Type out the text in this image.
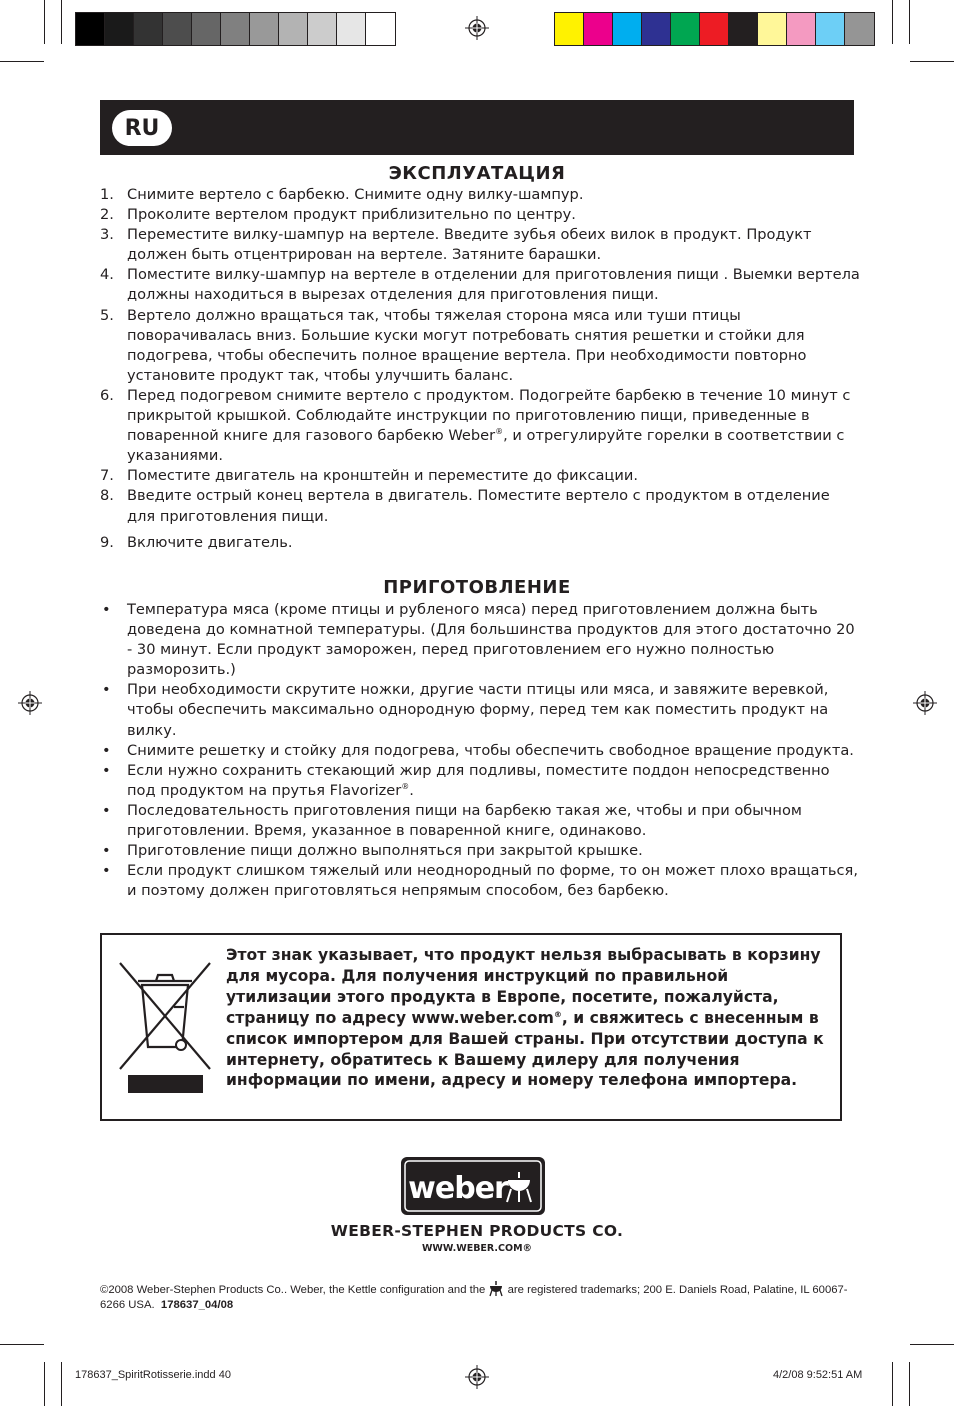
RU
ЭКСПЛУАТАЦИЯ
1. Снимите вертело с барбекю. Снимите одну вилку-шампур.
2. Проколите вертелом продукт приблизительно по центру.
3. Переместите вилку-шампур на вертеле. Введите зубья обеих вилок в продукт. Продукт должен быть отцентрирован на вертеле. Затяните барашки.
4. Поместите вилку-шампур на вертеле в отделении для приготовления пищи . Выемки вертела должны находиться в вырезах отделения для приготовления пищи.
5. Вертело должно вращаться так, чтобы тяжелая сторона мяса или туши птицы поворачивалась вниз. Большие куски могут потребовать снятия решетки и стойки для подогрева, чтобы обеспечить полное вращение вертела. При необходимости повторно установите продукт так, чтобы улучшить баланс.
6. Перед подогревом снимите вертело с продуктом. Подогрейте барбекю в течение 10 минут с прикрытой крышкой. Соблюдайте инструкции по приготовлению пищи, приведенные в поваренной книге для газового барбекю Weber®, и отрегулируйте горелки в соответствии с указаниями.
7. Поместите двигатель на кронштейн и переместите до фиксации.
8. Введите острый конец вертела в двигатель. Поместите вертело с продуктом в отделение для приготовления пищи.
9. Включите двигатель.
ПРИГОТОВЛЕНИЕ
• Температура мяса (кроме птицы и рубленого мяса) перед приготовлением должна быть доведена до комнатной температуры. (Для большинства продуктов для этого достаточно 20 - 30 минут. Если продукт заморожен, перед приготовлением его нужно полностью разморозить.)
• При необходимости скрутите ножки, другие части птицы или мяса, и завяжите веревкой, чтобы обеспечить максимально однородную форму, перед тем как поместить продукт на вилку.
• Снимите решетку и стойку для подогрева, чтобы обеспечить свободное вращение продукта.
• Если нужно сохранить стекающий жир для подливы, поместите поддон непосредственно под продуктом на прутья Flavorizer®.
• Последовательность приготовления пищи на барбекю такая же, чтобы и при обычном приготовлении. Время, указанное в поваренной книге, одинаково.
• Приготовление пищи должно выполняться при закрытой крышке.
• Если продукт слишком тяжелый или неоднородный по форме, то он может плохо вращаться, и поэтому должен приготовляться непрямым способом, без барбекю.
Этот знак указывает, что продукт нельзя выбрасывать в корзину для мусора. Для получения инструкций по правильной утилизации этого продукта в Европе, посетите, пожалуйста, страницу по адресу www.weber.com®, и свяжитесь с внесенным в список импортером для Вашей страны. При отсутствии доступа к интернету, обратитесь к Вашему дилеру для получения информации по имени, адресу и номеру телефона импортера.
weber
WEBER-STEPHEN PRODUCTS CO.
WWW.WEBER.COM®
©2008 Weber-Stephen Products Co.. Weber, the Kettle configuration and the are registered trademarks; 200 E. Daniels Road, Palatine, IL 60067-6266 USA. 178637_04/08
178637_SpiritRotisserie.indd 40	4/2/08 9:52:51 AM
